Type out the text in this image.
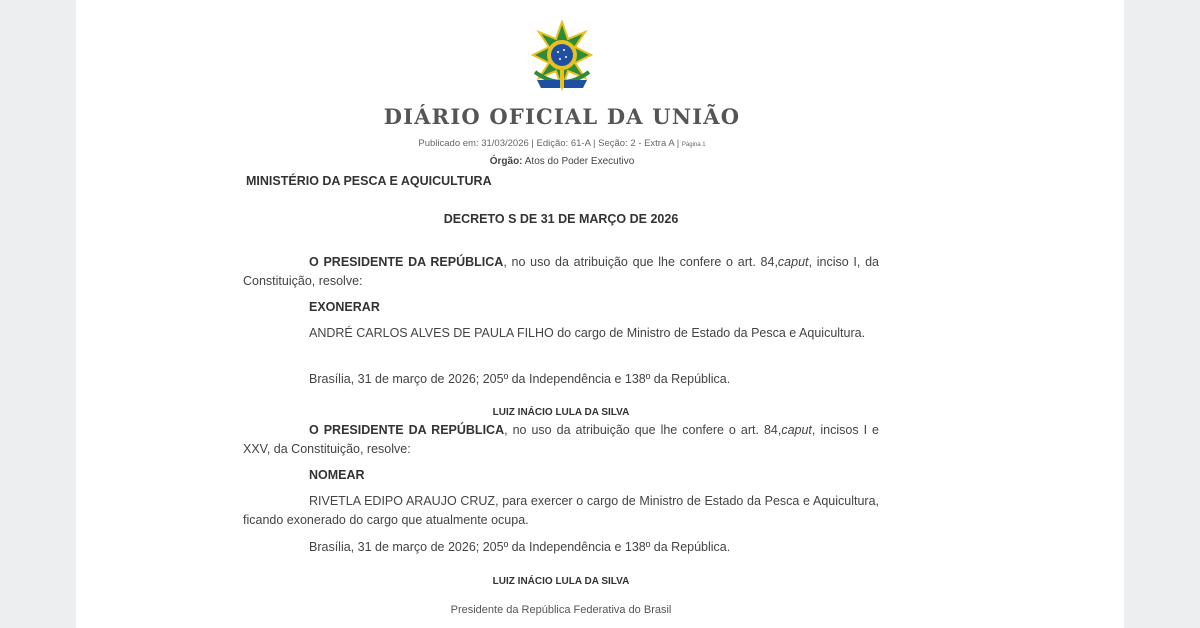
DIÁRIO OFICIAL DA UNIÃO
Publicado em: 31/03/2026 | Edição: 61-A | Seção: 2 - Extra A | Página 1
Órgão: Atos do Poder Executivo
MINISTÉRIO DA PESCA E AQUICULTURA
DECRETO S DE 31 DE MARÇO DE 2026
O PRESIDENTE DA REPÚBLICA, no uso da atribuição que lhe confere o art. 84,caput, inciso I, da Constituição, resolve:
EXONERAR
ANDRÉ CARLOS ALVES DE PAULA FILHO do cargo de Ministro de Estado da Pesca e Aquicultura.
Brasília, 31 de março de 2026; 205º da Independência e 138º da República.
LUIZ INÁCIO LULA DA SILVA
O PRESIDENTE DA REPÚBLICA, no uso da atribuição que lhe confere o art. 84,caput, incisos I e XXV, da Constituição, resolve:
NOMEAR
RIVETLA EDIPO ARAUJO CRUZ, para exercer o cargo de Ministro de Estado da Pesca e Aquicultura, ficando exonerado do cargo que atualmente ocupa.
Brasília, 31 de março de 2026; 205º da Independência e 138º da República.
LUIZ INÁCIO LULA DA SILVA
Presidente da República Federativa do Brasil
